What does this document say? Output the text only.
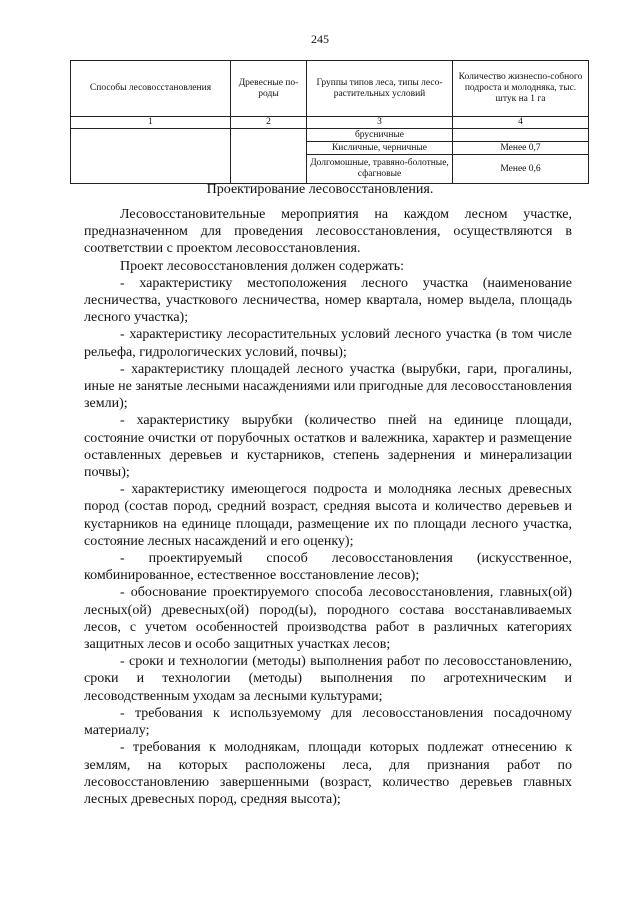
245
Способы лесовосстановления	Древесные по-роды	Группы типов леса, типы лесо-растительных условий	Количество жизнеспо-собного подроста и молодняка, тыс. штук на 1 га
1	2	3	4
		брусничные	
		Кисличные, черничные	Менее 0,7
		Долгомошные, травяно-болотные, сфагновые	Менее 0,6
Проектирование лесовосстановления.

Лесовосстановительные мероприятия на каждом лесном участке, предназначенном для проведения лесовосстановления, осуществляются в соответствии с проектом лесовосстановления.

Проект лесовосстановления должен содержать:

- характеристику местоположения лесного участка (наименование лесничества, участкового лесничества, номер квартала, номер выдела, площадь лесного участка);

- характеристику лесорастительных условий лесного участка (в том числе рельефа, гидрологических условий, почвы);

- характеристику площадей лесного участка (вырубки, гари, прогалины, иные не занятые лесными насаждениями или пригодные для лесовосстановления земли);

- характеристику вырубки (количество пней на единице площади, состояние очистки от порубочных остатков и валежника, характер и размещение оставленных деревьев и кустарников, степень задернения и минерализации почвы);

- характеристику имеющегося подроста и молодняка лесных древесных пород (состав пород, средний возраст, средняя высота и количество деревьев и кустарников на единице площади, размещение их по площади лесного участка, состояние лесных насаждений и его оценку);

- проектируемый способ лесовосстановления (искусственное, комбинированное, естественное восстановление лесов);

- обоснование проектируемого способа лесовосстановления, главных(ой) лесных(ой) древесных(ой) пород(ы), породного состава восстанавливаемых лесов, с учетом особенностей производства работ в различных категориях защитных лесов и особо защитных участках лесов;

- сроки и технологии (методы) выполнения работ по лесовосстановлению, сроки и технологии (методы) выполнения по агротехническим и лесоводственным уходам за лесными культурами;

- требования к используемому для лесовосстановления посадочному материалу;

- требования к молоднякам, площади которых подлежат отнесению к землям, на которых расположены леса, для признания работ по лесовосстановлению завершенными (возраст, количество деревьев главных лесных древесных пород, средняя высота);
